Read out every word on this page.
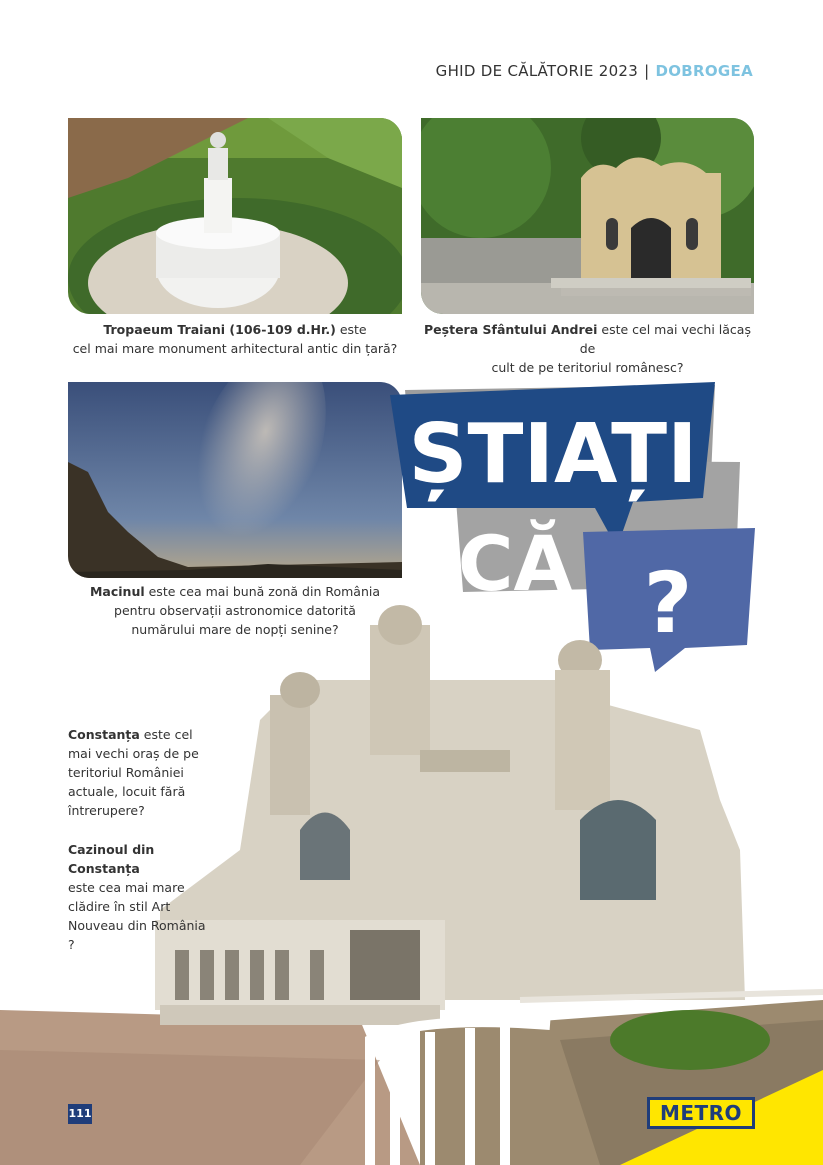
GHID DE CĂLĂTORIE 2023 | DOBROGEA
Tropaeum Traiani (106-109 d.Hr.) este
cel mai mare monument arhitectural antic din țară?
Peștera Sfântului Andrei este cel mai vechi lăcaș de
cult de pe teritoriul românesc?
Macinul este cea mai bună zonă din România
pentru observații astronomice datorită
numărului mare de nopți senine?
ȘTIAȚI
CĂ ?
Constanța este cel mai vechi oraș de pe teritoriul României actuale, locuit fără întrerupere?
Cazinoul din Constanța
este cea mai mare clădire în stil Art Nouveau din România ?
111	METRO
